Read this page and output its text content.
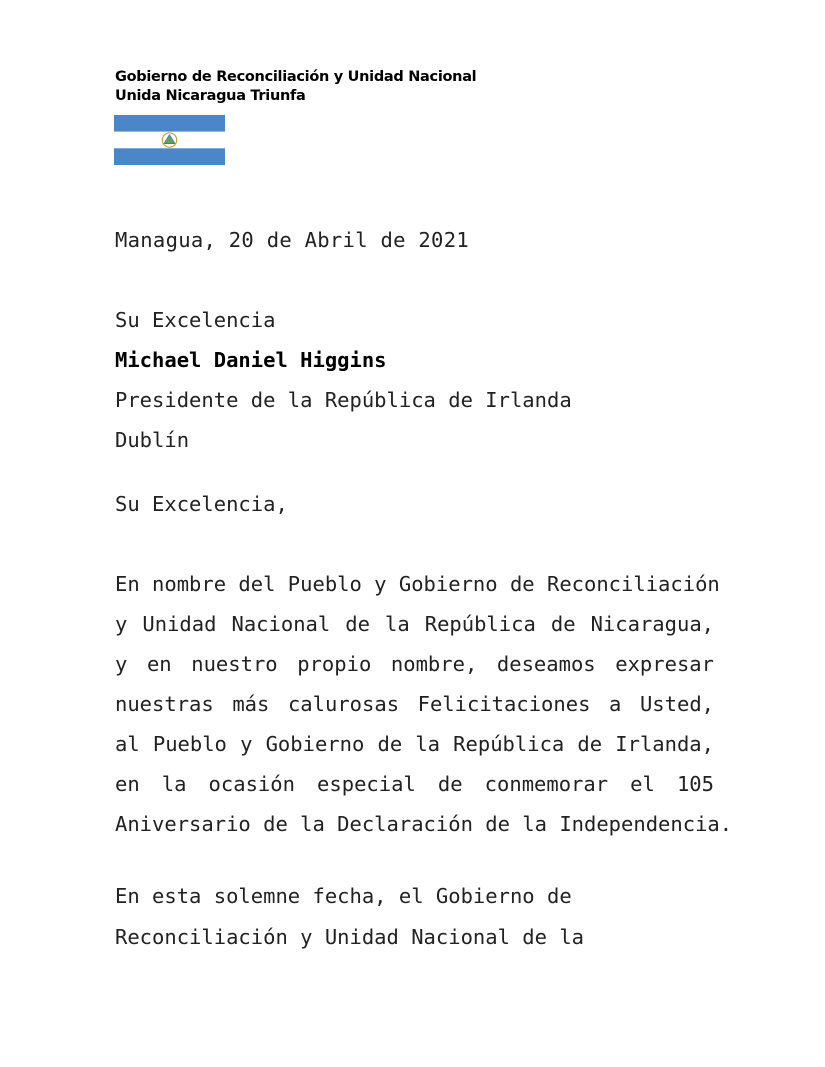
Gobierno de Reconciliación y Unidad Nacional
Unida Nicaragua Triunfa
Managua, 20 de Abril de 2021
Su Excelencia
Michael Daniel Higgins
Presidente de la República de Irlanda
Dublín
Su Excelencia,
En nombre del Pueblo y Gobierno de Reconciliación
y Unidad Nacional de la República de Nicaragua,
y en nuestro propio nombre, deseamos expresar
nuestras más calurosas Felicitaciones a Usted,
al Pueblo y Gobierno de la República de Irlanda,
en la ocasión especial de conmemorar el 105
Aniversario de la Declaración de la Independencia.
En esta solemne fecha, el Gobierno de
Reconciliación y Unidad Nacional de la
